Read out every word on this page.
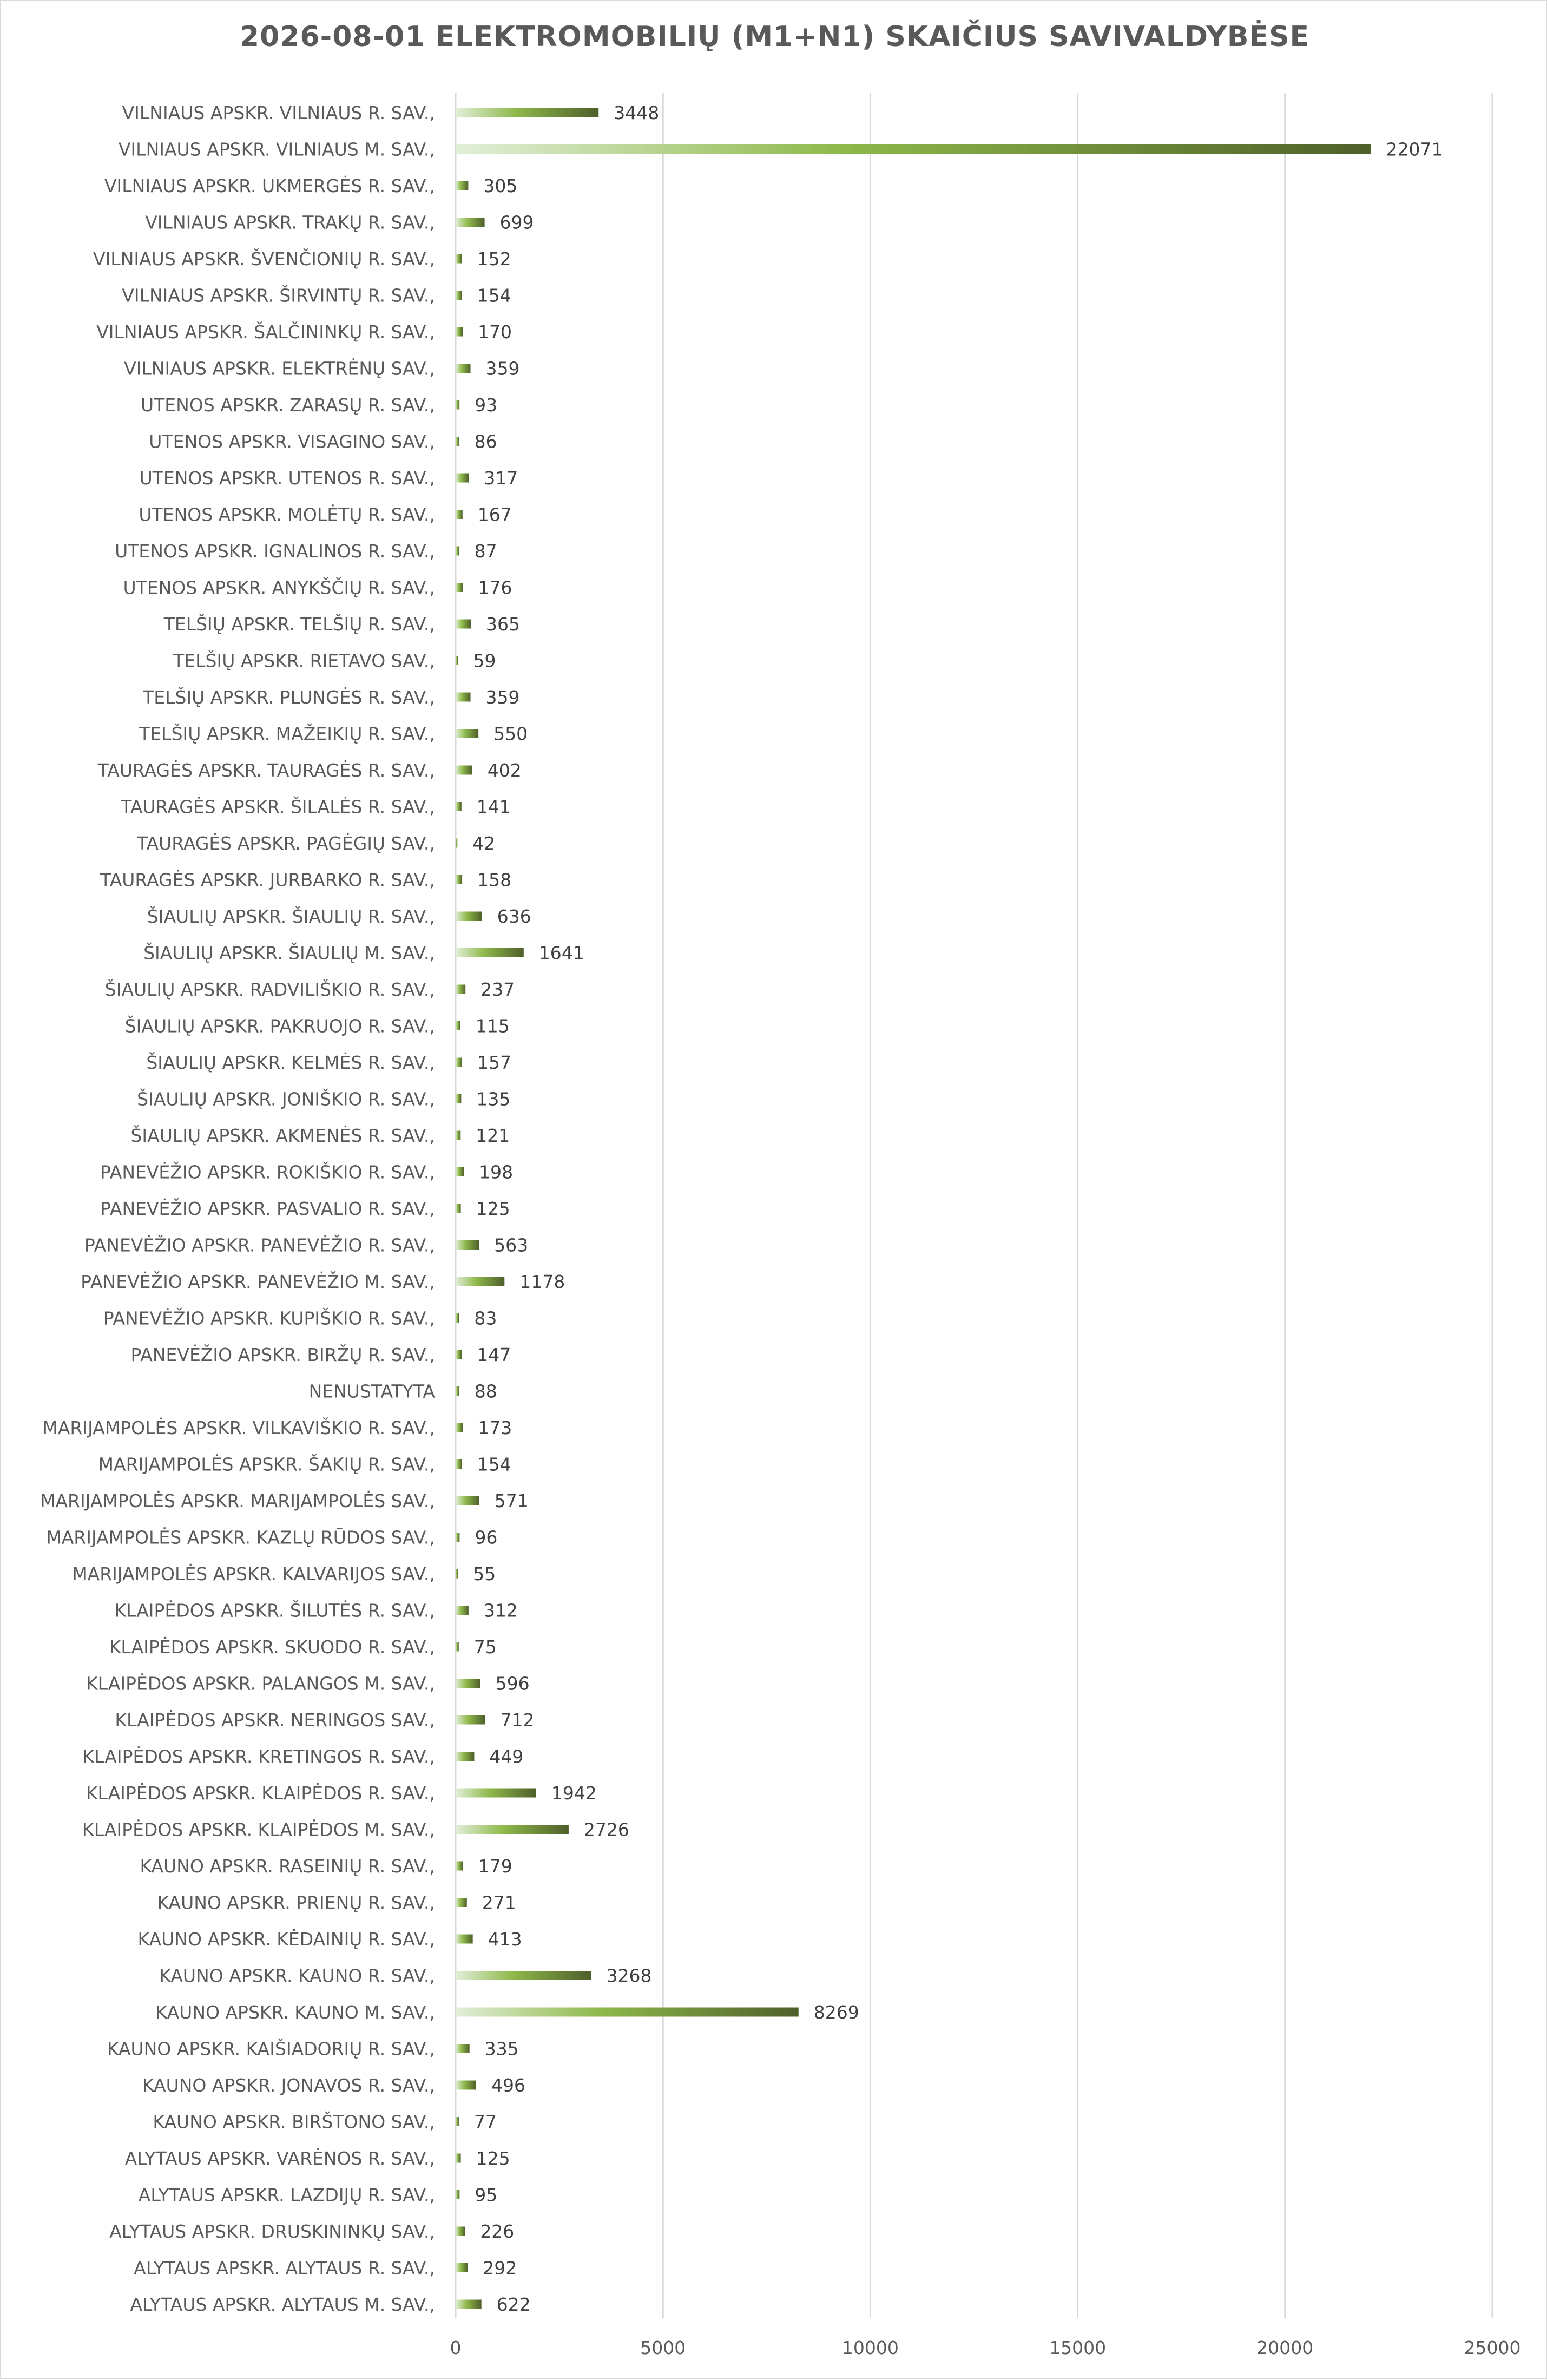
2026-08-01 ELEKTROMOBILIŲ (M1+N1) SKAIČIUS SAVIVALDYBĖSE
VILNIAUS APSKR. VILNIAUS R. SAV.,
VILNIAUS APSKR. VILNIAUS M. SAV.,
VILNIAUS APSKR. UKMERGĖS R. SAV.,
VILNIAUS APSKR. TRAKŲ R. SAV.,
VILNIAUS APSKR. ŠVENČIONIŲ R. SAV.,
VILNIAUS APSKR. ŠIRVINTŲ R. SAV.,
VILNIAUS APSKR. ŠALČININKŲ R. SAV.,
VILNIAUS APSKR. ELEKTRĖNŲ SAV.,
UTENOS APSKR. ZARASŲ R. SAV.,
UTENOS APSKR. VISAGINO SAV.,
UTENOS APSKR. UTENOS R. SAV.,
UTENOS APSKR. MOLĖTŲ R. SAV.,
UTENOS APSKR. IGNALINOS R. SAV.,
UTENOS APSKR. ANYKŠČIŲ R. SAV.,
TELŠIŲ APSKR. TELŠIŲ R. SAV.,
TELŠIŲ APSKR. RIETAVO SAV.,
TELŠIŲ APSKR. PLUNGĖS R. SAV.,
TELŠIŲ APSKR. MAŽEIKIŲ R. SAV.,
TAURAGĖS APSKR. TAURAGĖS R. SAV.,
TAURAGĖS APSKR. ŠILALĖS R. SAV.,
TAURAGĖS APSKR. PAGĖGIŲ SAV.,
TAURAGĖS APSKR. JURBARKO R. SAV.,
ŠIAULIŲ APSKR. ŠIAULIŲ R. SAV.,
ŠIAULIŲ APSKR. ŠIAULIŲ M. SAV.,
ŠIAULIŲ APSKR. RADVILIŠKIO R. SAV.,
ŠIAULIŲ APSKR. PAKRUOJO R. SAV.,
ŠIAULIŲ APSKR. KELMĖS R. SAV.,
ŠIAULIŲ APSKR. JONIŠKIO R. SAV.,
ŠIAULIŲ APSKR. AKMENĖS R. SAV.,
PANEVĖŽIO APSKR. ROKIŠKIO R. SAV.,
PANEVĖŽIO APSKR. PASVALIO R. SAV.,
PANEVĖŽIO APSKR. PANEVĖŽIO R. SAV.,
PANEVĖŽIO APSKR. PANEVĖŽIO M. SAV.,
PANEVĖŽIO APSKR. KUPIŠKIO R. SAV.,
PANEVĖŽIO APSKR. BIRŽŲ R. SAV.,
NENUSTATYTA
MARIJAMPOLĖS APSKR. VILKAVIŠKIO R. SAV.,
MARIJAMPOLĖS APSKR. ŠAKIŲ R. SAV.,
MARIJAMPOLĖS APSKR. MARIJAMPOLĖS SAV.,
MARIJAMPOLĖS APSKR. KAZLŲ RŪDOS SAV.,
MARIJAMPOLĖS APSKR. KALVARIJOS SAV.,
KLAIPĖDOS APSKR. ŠILUTĖS R. SAV.,
KLAIPĖDOS APSKR. SKUODO R. SAV.,
KLAIPĖDOS APSKR. PALANGOS M. SAV.,
KLAIPĖDOS APSKR. NERINGOS SAV.,
KLAIPĖDOS APSKR. KRETINGOS R. SAV.,
KLAIPĖDOS APSKR. KLAIPĖDOS R. SAV.,
KLAIPĖDOS APSKR. KLAIPĖDOS M. SAV.,
KAUNO APSKR. RASEINIŲ R. SAV.,
KAUNO APSKR. PRIENŲ R. SAV.,
KAUNO APSKR. KĖDAINIŲ R. SAV.,
KAUNO APSKR. KAUNO R. SAV.,
KAUNO APSKR. KAUNO M. SAV.,
KAUNO APSKR. KAIŠIADORIŲ R. SAV.,
KAUNO APSKR. JONAVOS R. SAV.,
KAUNO APSKR. BIRŠTONO SAV.,
ALYTAUS APSKR. VARĖNOS R. SAV.,
ALYTAUS APSKR. LAZDIJŲ R. SAV.,
ALYTAUS APSKR. DRUSKININKŲ SAV.,
ALYTAUS APSKR. ALYTAUS R. SAV.,
ALYTAUS APSKR. ALYTAUS M. SAV.,
3448
22071
305
699
152
154
170
359
93
86
317
167
87
176
365
59
359
550
402
141
42
158
636
1641
237
115
157
135
121
198
125
563
1178
83
147
88
173
154
571
96
55
312
75
596
712
449
1942
2726
179
271
413
3268
8269
335
496
77
125
95
226
292
622
0	5000	10000	15000	20000	25000
